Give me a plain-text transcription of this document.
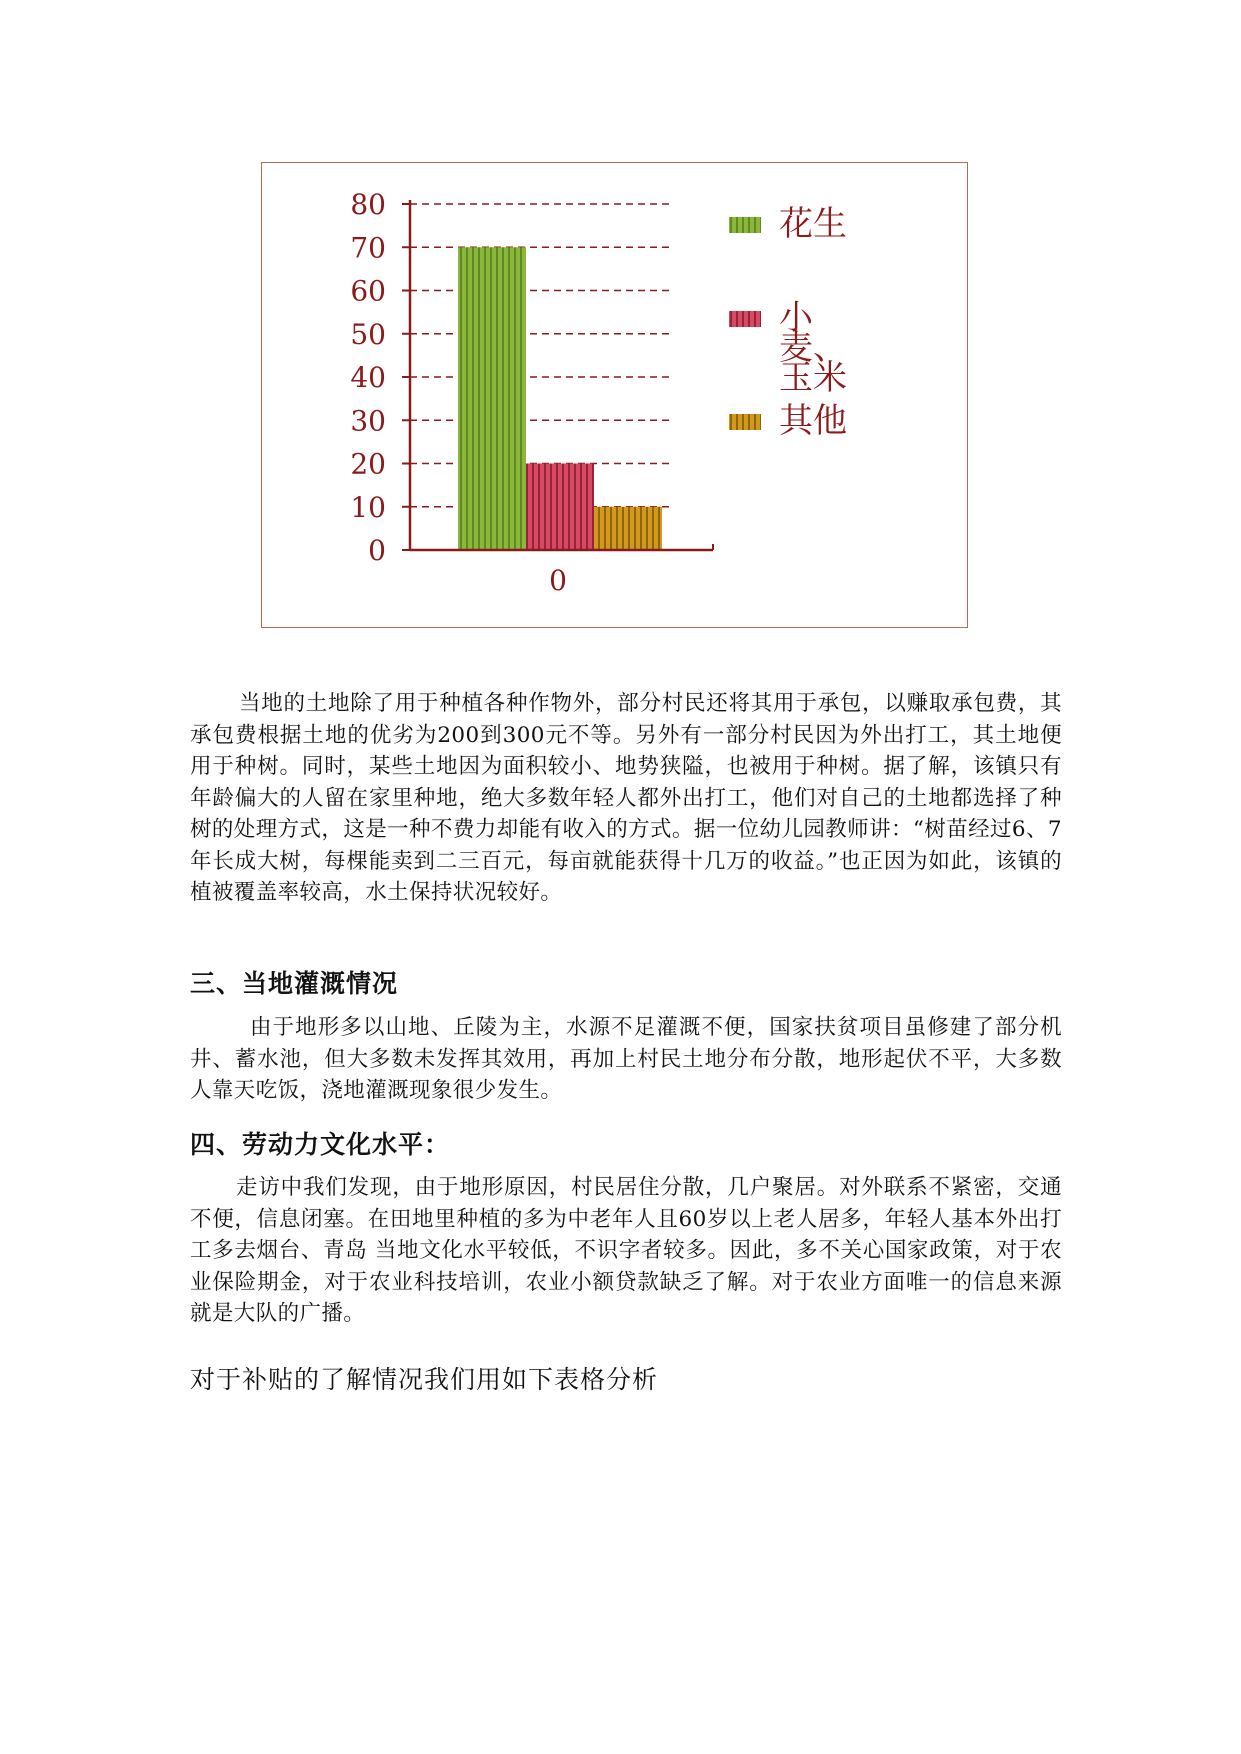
0
10
20
30
40
50
60
70
80
0
花生
小麦、玉米
其他

当地的土地除了用于种植各种作物外，部分村民还将其用于承包，以赚取承包费，其承包费根据土地的优劣为200到300元不等。另外有一部分村民因为外出打工，其土地便用于种树。同时，某些土地因为面积较小、地势狭隘，也被用于种树。据了解，该镇只有年龄偏大的人留在家里种地，绝大多数年轻人都外出打工，他们对自己的土地都选择了种树的处理方式，这是一种不费力却能有收入的方式。据一位幼儿园教师讲：“树苗经过6、7年长成大树，每棵能卖到二三百元，每亩就能获得十几万的收益。”也正因为如此，该镇的植被覆盖率较高，水土保持状况较好。

三、当地灌溉情况

由于地形多以山地、丘陵为主，水源不足灌溉不便，国家扶贫项目虽修建了部分机井、蓄水池，但大多数未发挥其效用，再加上村民土地分布分散，地形起伏不平，大多数人靠天吃饭，浇地灌溉现象很少发生。

四、劳动力文化水平：

走访中我们发现，由于地形原因，村民居住分散，几户聚居。对外联系不紧密，交通不便，信息闭塞。在田地里种植的多为中老年人且60岁以上老人居多，年轻人基本外出打工多去烟台、青岛 当地文化水平较低，不识字者较多。因此，多不关心国家政策，对于农业保险期金，对于农业科技培训，农业小额贷款缺乏了解。对于农业方面唯一的信息来源就是大队的广播。

对于补贴的了解情况我们用如下表格分析
